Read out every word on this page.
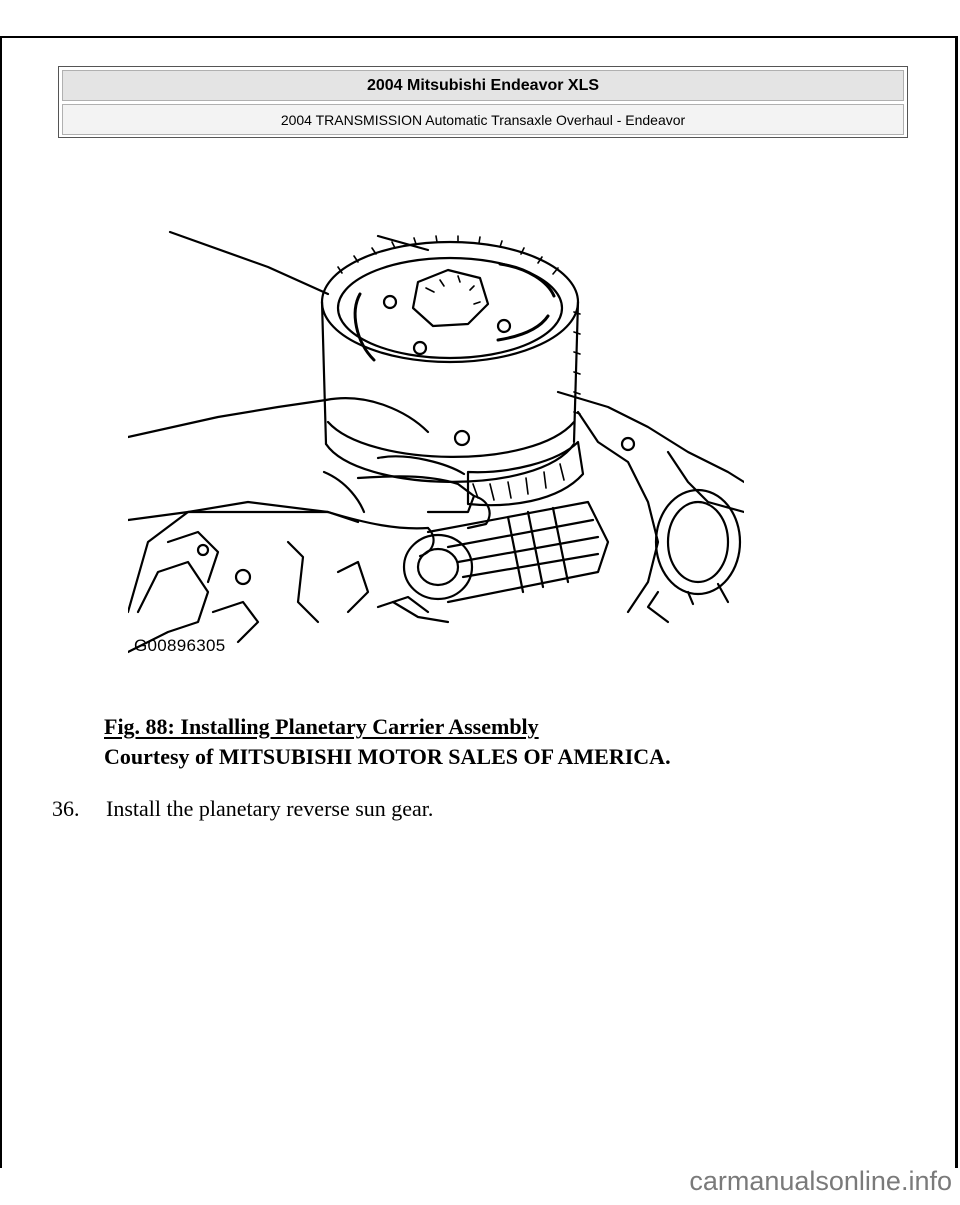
2004 Mitsubishi Endeavor XLS
2004 TRANSMISSION Automatic Transaxle Overhaul - Endeavor
G00896305
Fig. 88: Installing Planetary Carrier Assembly
Courtesy of MITSUBISHI MOTOR SALES OF AMERICA.
36.	Install the planetary reverse sun gear.
carmanualsonline.info
